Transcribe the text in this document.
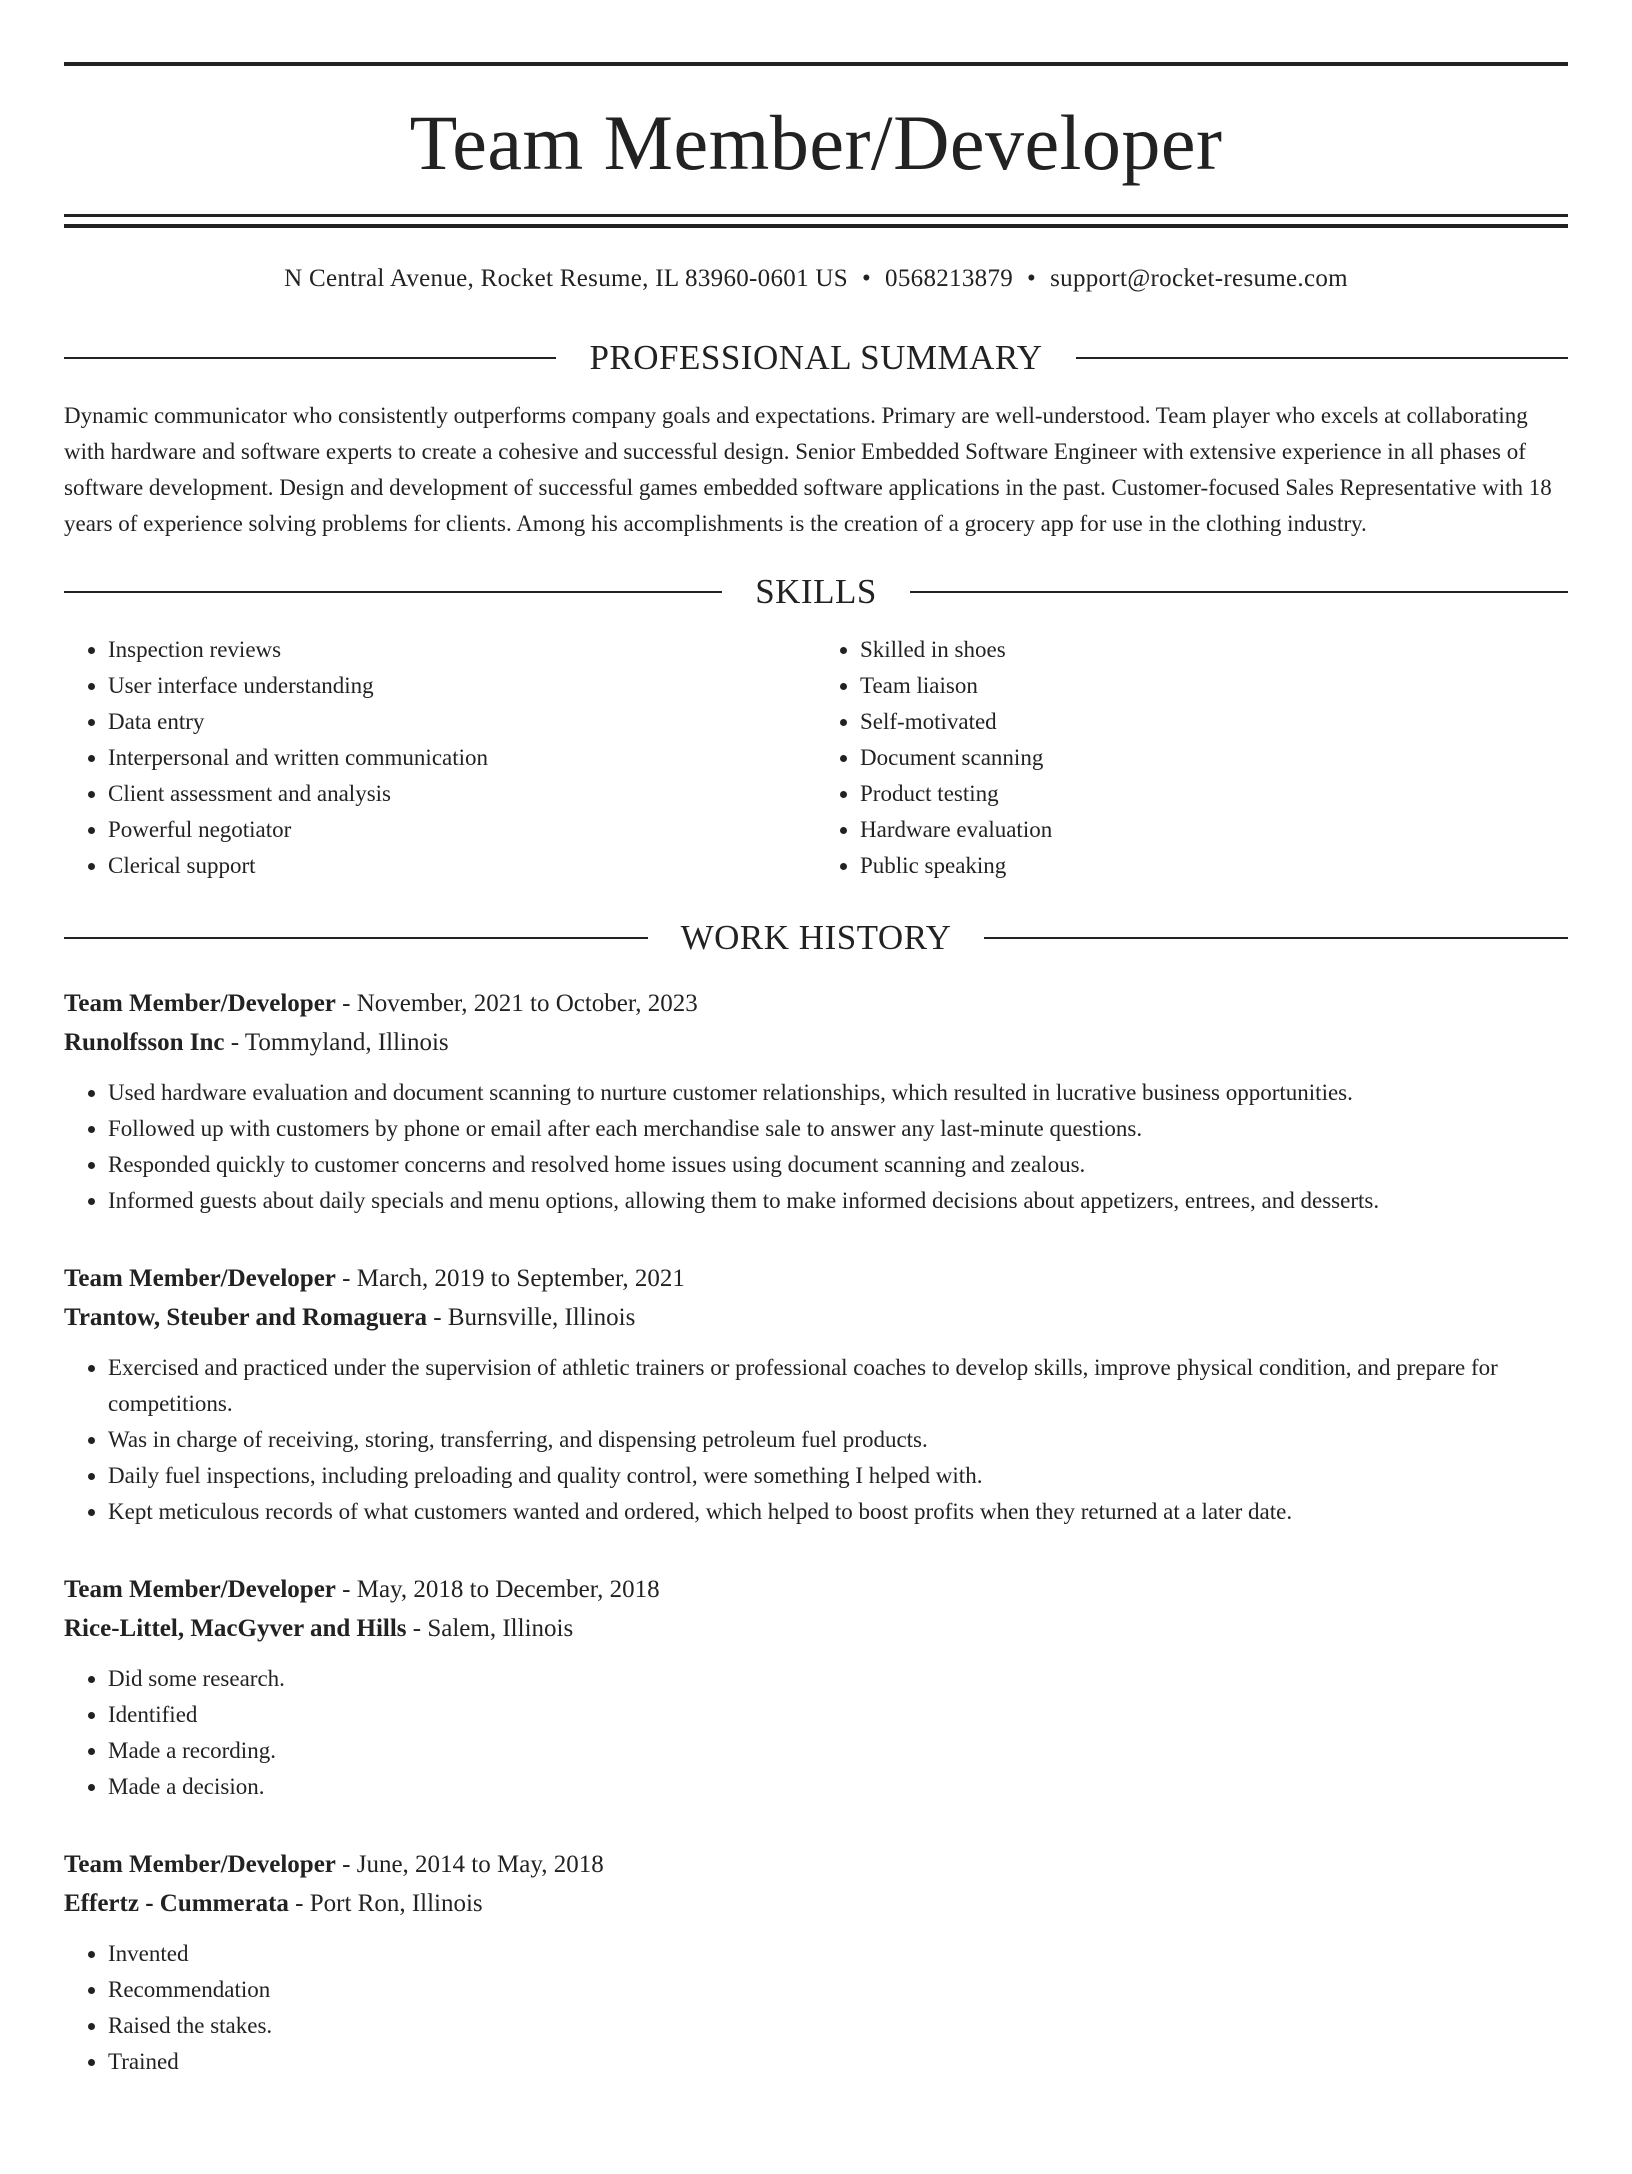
Team Member/Developer
N Central Avenue, Rocket Resume, IL 83960-0601 US • 0568213879 • support@rocket-resume.com
PROFESSIONAL SUMMARY
Dynamic communicator who consistently outperforms company goals and expectations. Primary are well-understood. Team player who excels at collaborating with hardware and software experts to create a cohesive and successful design. Senior Embedded Software Engineer with extensive experience in all phases of software development. Design and development of successful games embedded software applications in the past. Customer-focused Sales Representative with 18 years of experience solving problems for clients. Among his accomplishments is the creation of a grocery app for use in the clothing industry.
SKILLS
• Inspection reviews
• User interface understanding
• Data entry
• Interpersonal and written communication
• Client assessment and analysis
• Powerful negotiator
• Clerical support
• Skilled in shoes
• Team liaison
• Self-motivated
• Document scanning
• Product testing
• Hardware evaluation
• Public speaking
WORK HISTORY
Team Member/Developer - November, 2021 to October, 2023
Runolfsson Inc - Tommyland, Illinois
• Used hardware evaluation and document scanning to nurture customer relationships, which resulted in lucrative business opportunities.
• Followed up with customers by phone or email after each merchandise sale to answer any last-minute questions.
• Responded quickly to customer concerns and resolved home issues using document scanning and zealous.
• Informed guests about daily specials and menu options, allowing them to make informed decisions about appetizers, entrees, and desserts.
Team Member/Developer - March, 2019 to September, 2021
Trantow, Steuber and Romaguera - Burnsville, Illinois
• Exercised and practiced under the supervision of athletic trainers or professional coaches to develop skills, improve physical condition, and prepare for competitions.
• Was in charge of receiving, storing, transferring, and dispensing petroleum fuel products.
• Daily fuel inspections, including preloading and quality control, were something I helped with.
• Kept meticulous records of what customers wanted and ordered, which helped to boost profits when they returned at a later date.
Team Member/Developer - May, 2018 to December, 2018
Rice-Littel, MacGyver and Hills - Salem, Illinois
• Did some research.
• Identified
• Made a recording.
• Made a decision.
Team Member/Developer - June, 2014 to May, 2018
Effertz - Cummerata - Port Ron, Illinois
• Invented
• Recommendation
• Raised the stakes.
• Trained
